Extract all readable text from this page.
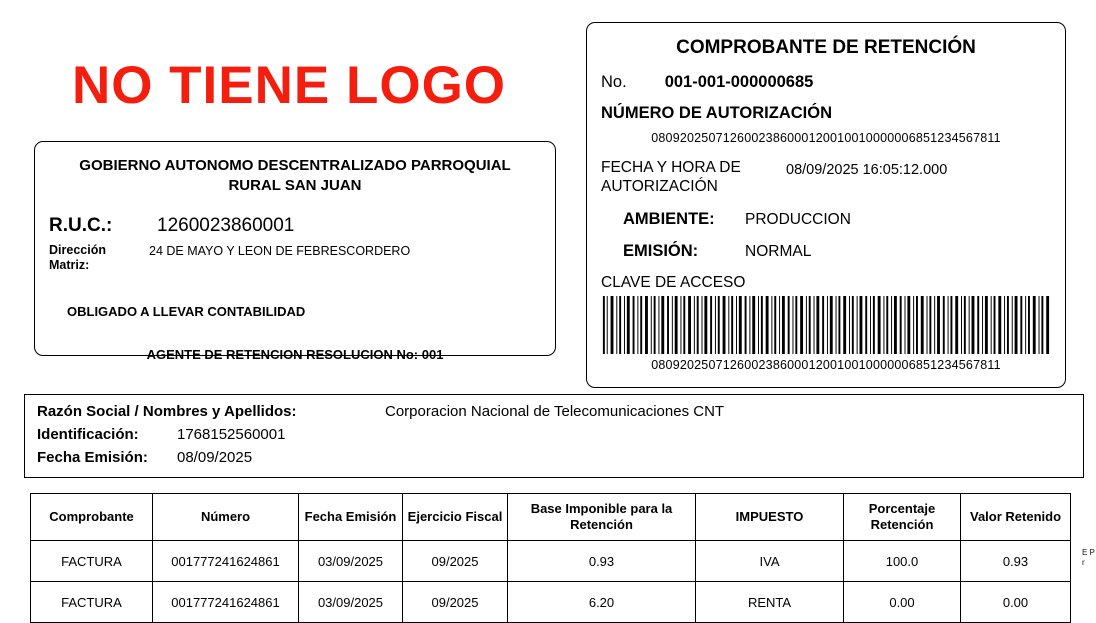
NO TIENE LOGO
GOBIERNO AUTONOMO DESCENTRALIZADO PARROQUIAL
RURAL SAN JUAN
R.U.C.:	1260023860001
Dirección
Matriz:
24 DE MAYO Y LEON DE FEBRESCORDERO
OBLIGADO A LLEVAR CONTABILIDAD
AGENTE DE RETENCION RESOLUCION No: 001
COMPROBANTE DE RETENCIÓN
No. 001-001-000000685
NÚMERO DE AUTORIZACIÓN
0809202507126002386000120010010000006851234567811
FECHA Y HORA DE AUTORIZACIÓN
08/09/2025 16:05:12.000
AMBIENTE:	PRODUCCION
EMISIÓN:	NORMAL
CLAVE DE ACCESO
0809202507126002386000120010010000006851234567811
Razón Social / Nombres y Apellidos:	Corporacion Nacional de Telecomunicaciones CNT
Identificación:	1768152560001
Fecha Emisión:	08/09/2025
Comprobante	Número	Fecha Emisión	Ejercicio Fiscal	Base Imponible para la Retención	IMPUESTO	Porcentaje Retención	Valor Retenido
FACTURA	001777241624861	03/09/2025	09/2025	0.93	IVA	100.0	0.93
FACTURA	001777241624861	03/09/2025	09/2025	6.20	RENTA	0.00	0.00
E P r
